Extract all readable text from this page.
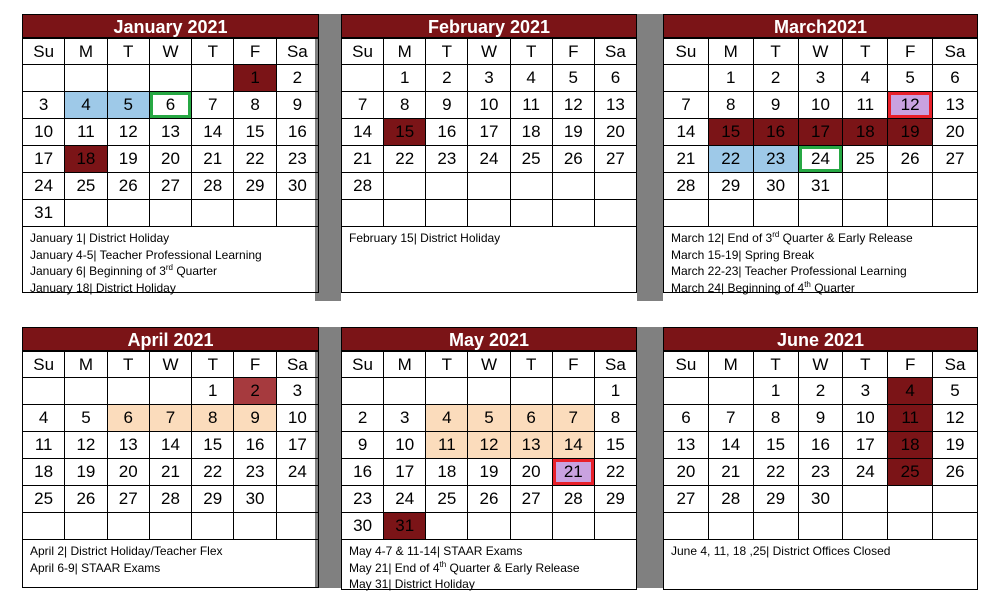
January 2021
Su	M	T	W	T	F	Sa
					1	2
3	4	5	6	7	8	9
10	11	12	13	14	15	16
17	18	19	20	21	22	23
24	25	26	27	28	29	30
31						
January 1| District Holiday
January 4-5| Teacher Professional Learning
January 6| Beginning of 3rd Quarter
January 18| District Holiday
February 2021
Su	M	T	W	T	F	Sa
	1	2	3	4	5	6
7	8	9	10	11	12	13
14	15	16	17	18	19	20
21	22	23	24	25	26	27
28						

February 15| District Holiday
March2021
Su	M	T	W	T	F	Sa
	1	2	3	4	5	6
7	8	9	10	11	12	13
14	15	16	17	18	19	20
21	22	23	24	25	26	27
28	29	30	31			

March 12| End of 3rd Quarter & Early Release
March 15-19| Spring Break
March 22-23| Teacher Professional Learning
March 24| Beginning of 4th Quarter
April 2021
Su	M	T	W	T	F	Sa
				1	2	3
4	5	6	7	8	9	10
11	12	13	14	15	16	17
18	19	20	21	22	23	24
25	26	27	28	29	30	

April 2| District Holiday/Teacher Flex
April 6-9| STAAR Exams
May 2021
Su	M	T	W	T	F	Sa
						1
2	3	4	5	6	7	8
9	10	11	12	13	14	15
16	17	18	19	20	21	22
23	24	25	26	27	28	29
30	31					
May 4-7 & 11-14| STAAR Exams
May 21| End of 4th Quarter & Early Release
May 31| District Holiday
June 2021
Su	M	T	W	T	F	Sa
		1	2	3	4	5
6	7	8	9	10	11	12
13	14	15	16	17	18	19
20	21	22	23	24	25	26
27	28	29	30			

June 4, 11, 18 ,25| District Offices Closed
